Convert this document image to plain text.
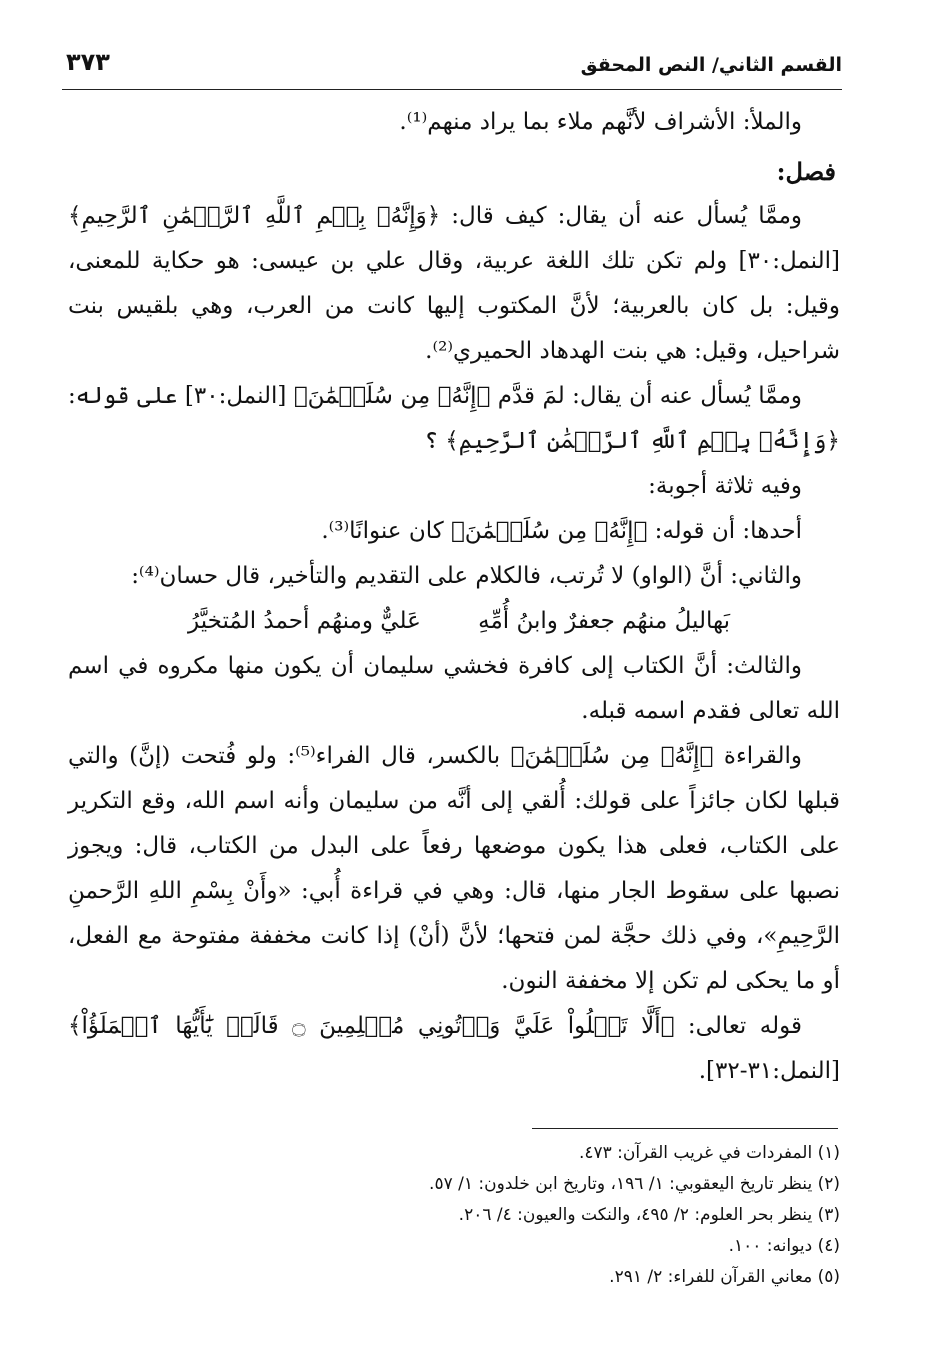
القسم الثاني/ النص المحقق
٣٧٣

والملأ: الأشراف لأنَّهم ملاء بما يراد منهم⁽¹⁾.

فصل:

وممَّا يُسأل عنه أن يقال: كيف قال: ﴿وَإِنَّهُۥ بِسۡمِ ٱللَّهِ ٱلرَّحۡمَٰنِ ٱلرَّحِيمِ﴾ [النمل:٣٠] ولم تكن تلك اللغة عربية، وقال علي بن عيسى: هو حكاية للمعنى، وقيل: بل كان بالعربية؛ لأنَّ المكتوب إليها كانت من العرب، وهي بلقيس بنت شراحيل، وقيل: هي بنت الهدهاد الحميري⁽²⁾.

وممَّا يُسأل عنه أن يقال: لمَ قدَّم ﴿إِنَّهُۥ مِن سُلَيۡمَٰنَ﴾ [النمل:٣٠] على قوله: ﴿وَإِنَّهُۥ بِسۡمِ ٱللَّهِ ٱلرَّحۡمَٰنِ ٱلرَّحِيمِ﴾ ؟

وفيه ثلاثة أجوبة:

أحدها: أن قوله: ﴿إِنَّهُۥ مِن سُلَيۡمَٰنَ﴾ كان عنوانًا⁽³⁾.

والثاني: أنَّ (الواو) لا تُرتب، فالكلام على التقديم والتأخير، قال حسان⁽⁴⁾:

بَهاليلُ منهُم جعفرٌ وابنُ أُمِّهِ
عَليٌّ ومنهُم أحمدُ المُتخيَّرُ

والثالث: أنَّ الكتاب إلى كافرة فخشي سليمان أن يكون منها مكروه في اسم الله تعالى فقدم اسمه قبله.

والقراءة ﴿إِنَّهُۥ مِن سُلَيۡمَٰنَ﴾ بالكسر، قال الفراء⁽⁵⁾: ولو فُتحت (إنَّ) والتي قبلها لكان جائزاً على قولك: أُلقي إلى أنَّه من سليمان وأنه اسم الله، وقع التكرير على الكتاب، فعلى هذا يكون موضعها رفعاً على البدل من الكتاب، قال: ويجوز نصبها على سقوط الجار منها، قال: وهي في قراءة أُبي: «وأَنْ بِسْمِ اللهِ الرَّحمنِ الرَّحِيمِ»، وفي ذلك حجَّة لمن فتحها؛ لأنَّ (أنْ) إذا كانت مخففة مفتوحة مع الفعل، أو ما يحكى لم تكن إلا مخففة النون.

قوله تعالى: ﴿أَلَّا تَعۡلُواْ عَلَيَّ وَأۡتُونِي مُسۡلِمِينَ ۝ قَالَتۡ يَٰٓأَيُّهَا ٱلۡمَلَؤُاْ﴾ [النمل:٣١-٣٢].

(١) المفردات في غريب القرآن: ٤٧٣.
(٢) ينظر تاريخ اليعقوبي: ١/ ١٩٦، وتاريخ ابن خلدون: ١/ ٥٧.
(٣) ينظر بحر العلوم: ٢/ ٤٩٥، والنكت والعيون: ٤/ ٢٠٦.
(٤) ديوانه: ١٠٠.
(٥) معاني القرآن للفراء: ٢/ ٢٩١.
